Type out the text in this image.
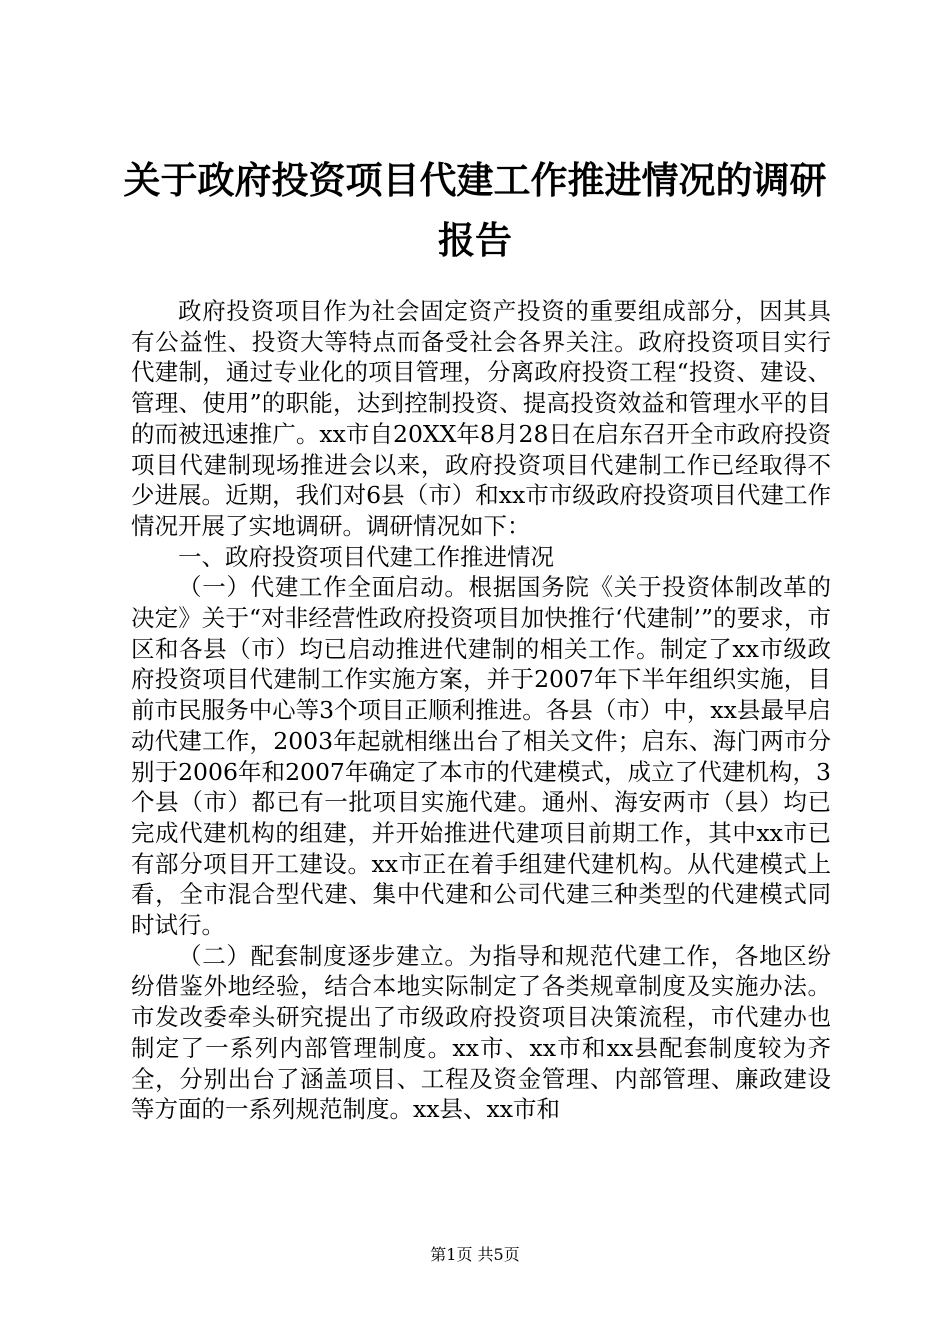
关于政府投资项目代建工作推进情况的调研报告

政府投资项目作为社会固定资产投资的重要组成部分，因其具有公益性、投资大等特点而备受社会各界关注。政府投资项目实行代建制，通过专业化的项目管理，分离政府投资工程“投资、建设、管理、使用”的职能，达到控制投资、提高投资效益和管理水平的目的而被迅速推广。xx市自20XX年8月28日在启东召开全市政府投资项目代建制现场推进会以来，政府投资项目代建制工作已经取得不少进展。近期，我们对6县（市）和xx市市级政府投资项目代建工作情况开展了实地调研。调研情况如下：

一、政府投资项目代建工作推进情况

（一）代建工作全面启动。根据国务院《关于投资体制改革的决定》关于“对非经营性政府投资项目加快推行‘代建制’”的要求，市区和各县（市）均已启动推进代建制的相关工作。制定了xx市级政府投资项目代建制工作实施方案，并于2007年下半年组织实施，目前市民服务中心等3个项目正顺利推进。各县（市）中，xx县最早启动代建工作，2003年起就相继出台了相关文件；启东、海门两市分别于2006年和2007年确定了本市的代建模式，成立了代建机构，3个县（市）都已有一批项目实施代建。通州、海安两市（县）均已完成代建机构的组建，并开始推进代建项目前期工作，其中xx市已有部分项目开工建设。xx市正在着手组建代建机构。从代建模式上看，全市混合型代建、集中代建和公司代建三种类型的代建模式同时试行。

（二）配套制度逐步建立。为指导和规范代建工作，各地区纷纷借鉴外地经验，结合本地实际制定了各类规章制度及实施办法。市发改委牵头研究提出了市级政府投资项目决策流程，市代建办也制定了一系列内部管理制度。xx市、xx市和xx县配套制度较为齐全，分别出台了涵盖项目、工程及资金管理、内部管理、廉政建设等方面的一系列规范制度。xx县、xx市和

第1页 共5页
